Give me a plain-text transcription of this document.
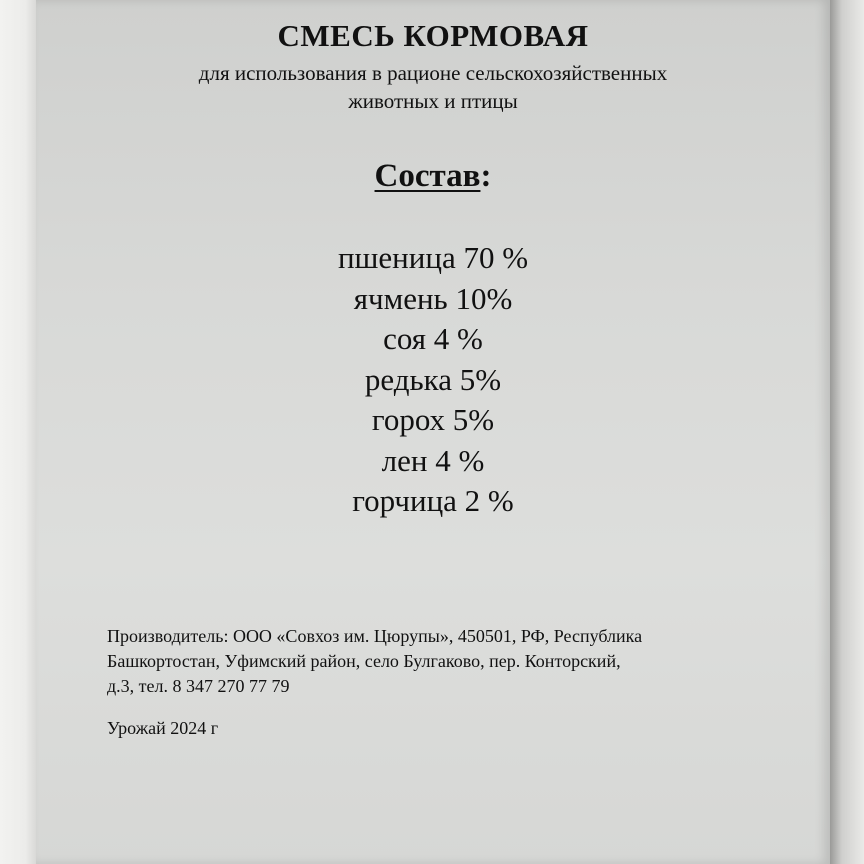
СМЕСЬ КОРМОВАЯ

для использования в рационе сельскохозяйственных

животных и птицы

Состав:
пшеница 70 %
ячмень 10%
соя 4 %
редька 5%
горох 5%
лен 4 %
горчица 2 %

Производитель: ООО «Совхоз им. Цюрупы», 450501, РФ, Республика
Башкортостан, Уфимский район, село Булгаково, пер. Конторский,
д.3, тел. 8 347 270 77 79

Урожай 2024 г
